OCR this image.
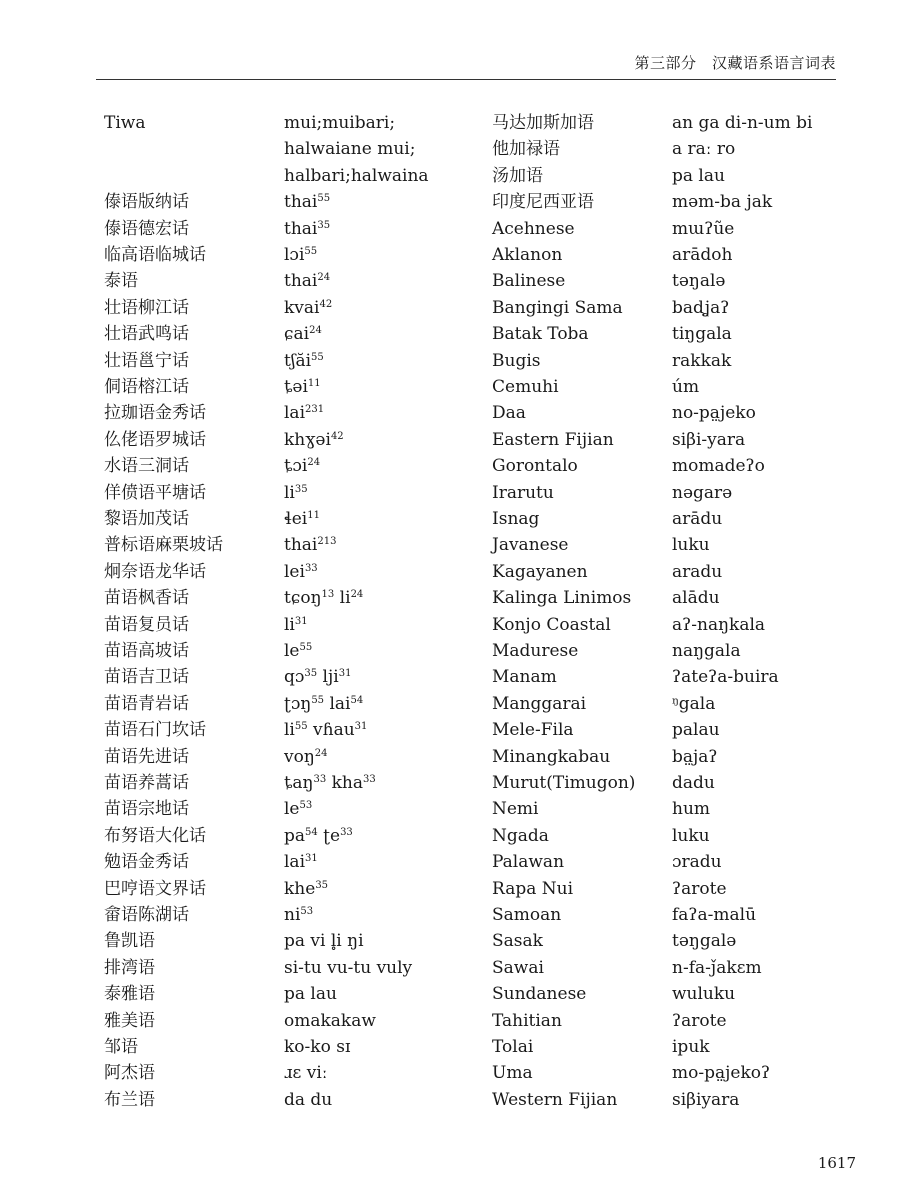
第三部分　汉藏语系语言词表
Tiwa
傣语版纳话
傣语德宏话
临高语临城话
泰语
壮语柳江话
壮语武鸣话
壮语邕宁话
侗语榕江话
拉珈语金秀话
仫佬语罗城话
水语三洞话
佯偾语平塘话
黎语加茂话
普标语麻栗坡话
炯奈语龙华话
苗语枫香话
苗语复员话
苗语高坡话
苗语吉卫话
苗语青岩话
苗语石门坎话
苗语先进话
苗语养蒿话
苗语宗地话
布努语大化话
勉语金秀话
巴哼语文界话
畲语陈湖话
鲁凯语
排湾语
泰雅语
雅美语
邹语
阿杰语
布兰语
mui;muibari;
halwaiane mui;
halbari;halwaina
thai$^{55}$
thai$^{35}$
lɔi$^{55}$
thai$^{24}$
kvai$^{42}$
ɕai$^{24}$
tʃăi$^{55}$
ȶəi$^{11}$
lai$^{231}$
khɣəi$^{42}$
ȶɔi$^{24}$
$li^{35}$
ɬei$^{11}$
thai$^{213}$
lei$^{33}$
tɕoŋ$^{13}$ $li^{24}$
$li^{31}$
$le^{55}$
qɔ$^{35}$ lji$^{31}$
ʈɔŋ$^{55}$ lai$^{54}$
$li^{55}$ vɦau$^{31}$
voŋ$^{24}$
ȶaŋ$^{33}$ kha$^{33}$
$le^{53}$
$pa^{54}$ ʈe$^{33}$
lai$^{31}$
khe$^{35}$
$ni^{53}$
pa vi l̥i ŋi
si-tu vu-tu vuly
pa lau
omakakaw
ko-ko sɪ
ɹɛ viː
da du
马达加斯加语
他加禄语
汤加语
印度尼西亚语
Acehnese
Aklanon
Balinese
Bangingi Sama
Batak Toba
Bugis
Cemuhi
Daa
Eastern Fijian
Gorontalo
Irarutu
Isnag
Javanese
Kagayanen
Kalinga Linimos
Konjo Coastal
Madurese
Manam
Manggarai
Mele-Fila
Minangkabau
Murut(Timugon)
Nemi
Ngada
Palawan
Rapa Nui
Samoan
Sasak
Sawai
Sundanese
Tahitian
Tolai
Uma
Western Fijian
an ga di-n-um bi
a raː ro
pa lau
məm-ba jak
mɯʔũe
arādoh
təŋalə
badʝaʔ
tiŋgala
rakkak
úm
no-pa̤jeko
siβi-yara
momadeʔo
nəgarə
arādu
luku
aradu
alādu
aʔ-naŋkala
naŋgala
ʔateʔa-buira
ᵑgala
palau
ba̤jaʔ
dadu
hum
luku
ɔradu
ʔarote
faʔa-malū
təŋgalə
n-fa-ǰakɛm
wuluku
ʔarote
ipuk
mo-pa̤jekoʔ
siβiyara
1617
